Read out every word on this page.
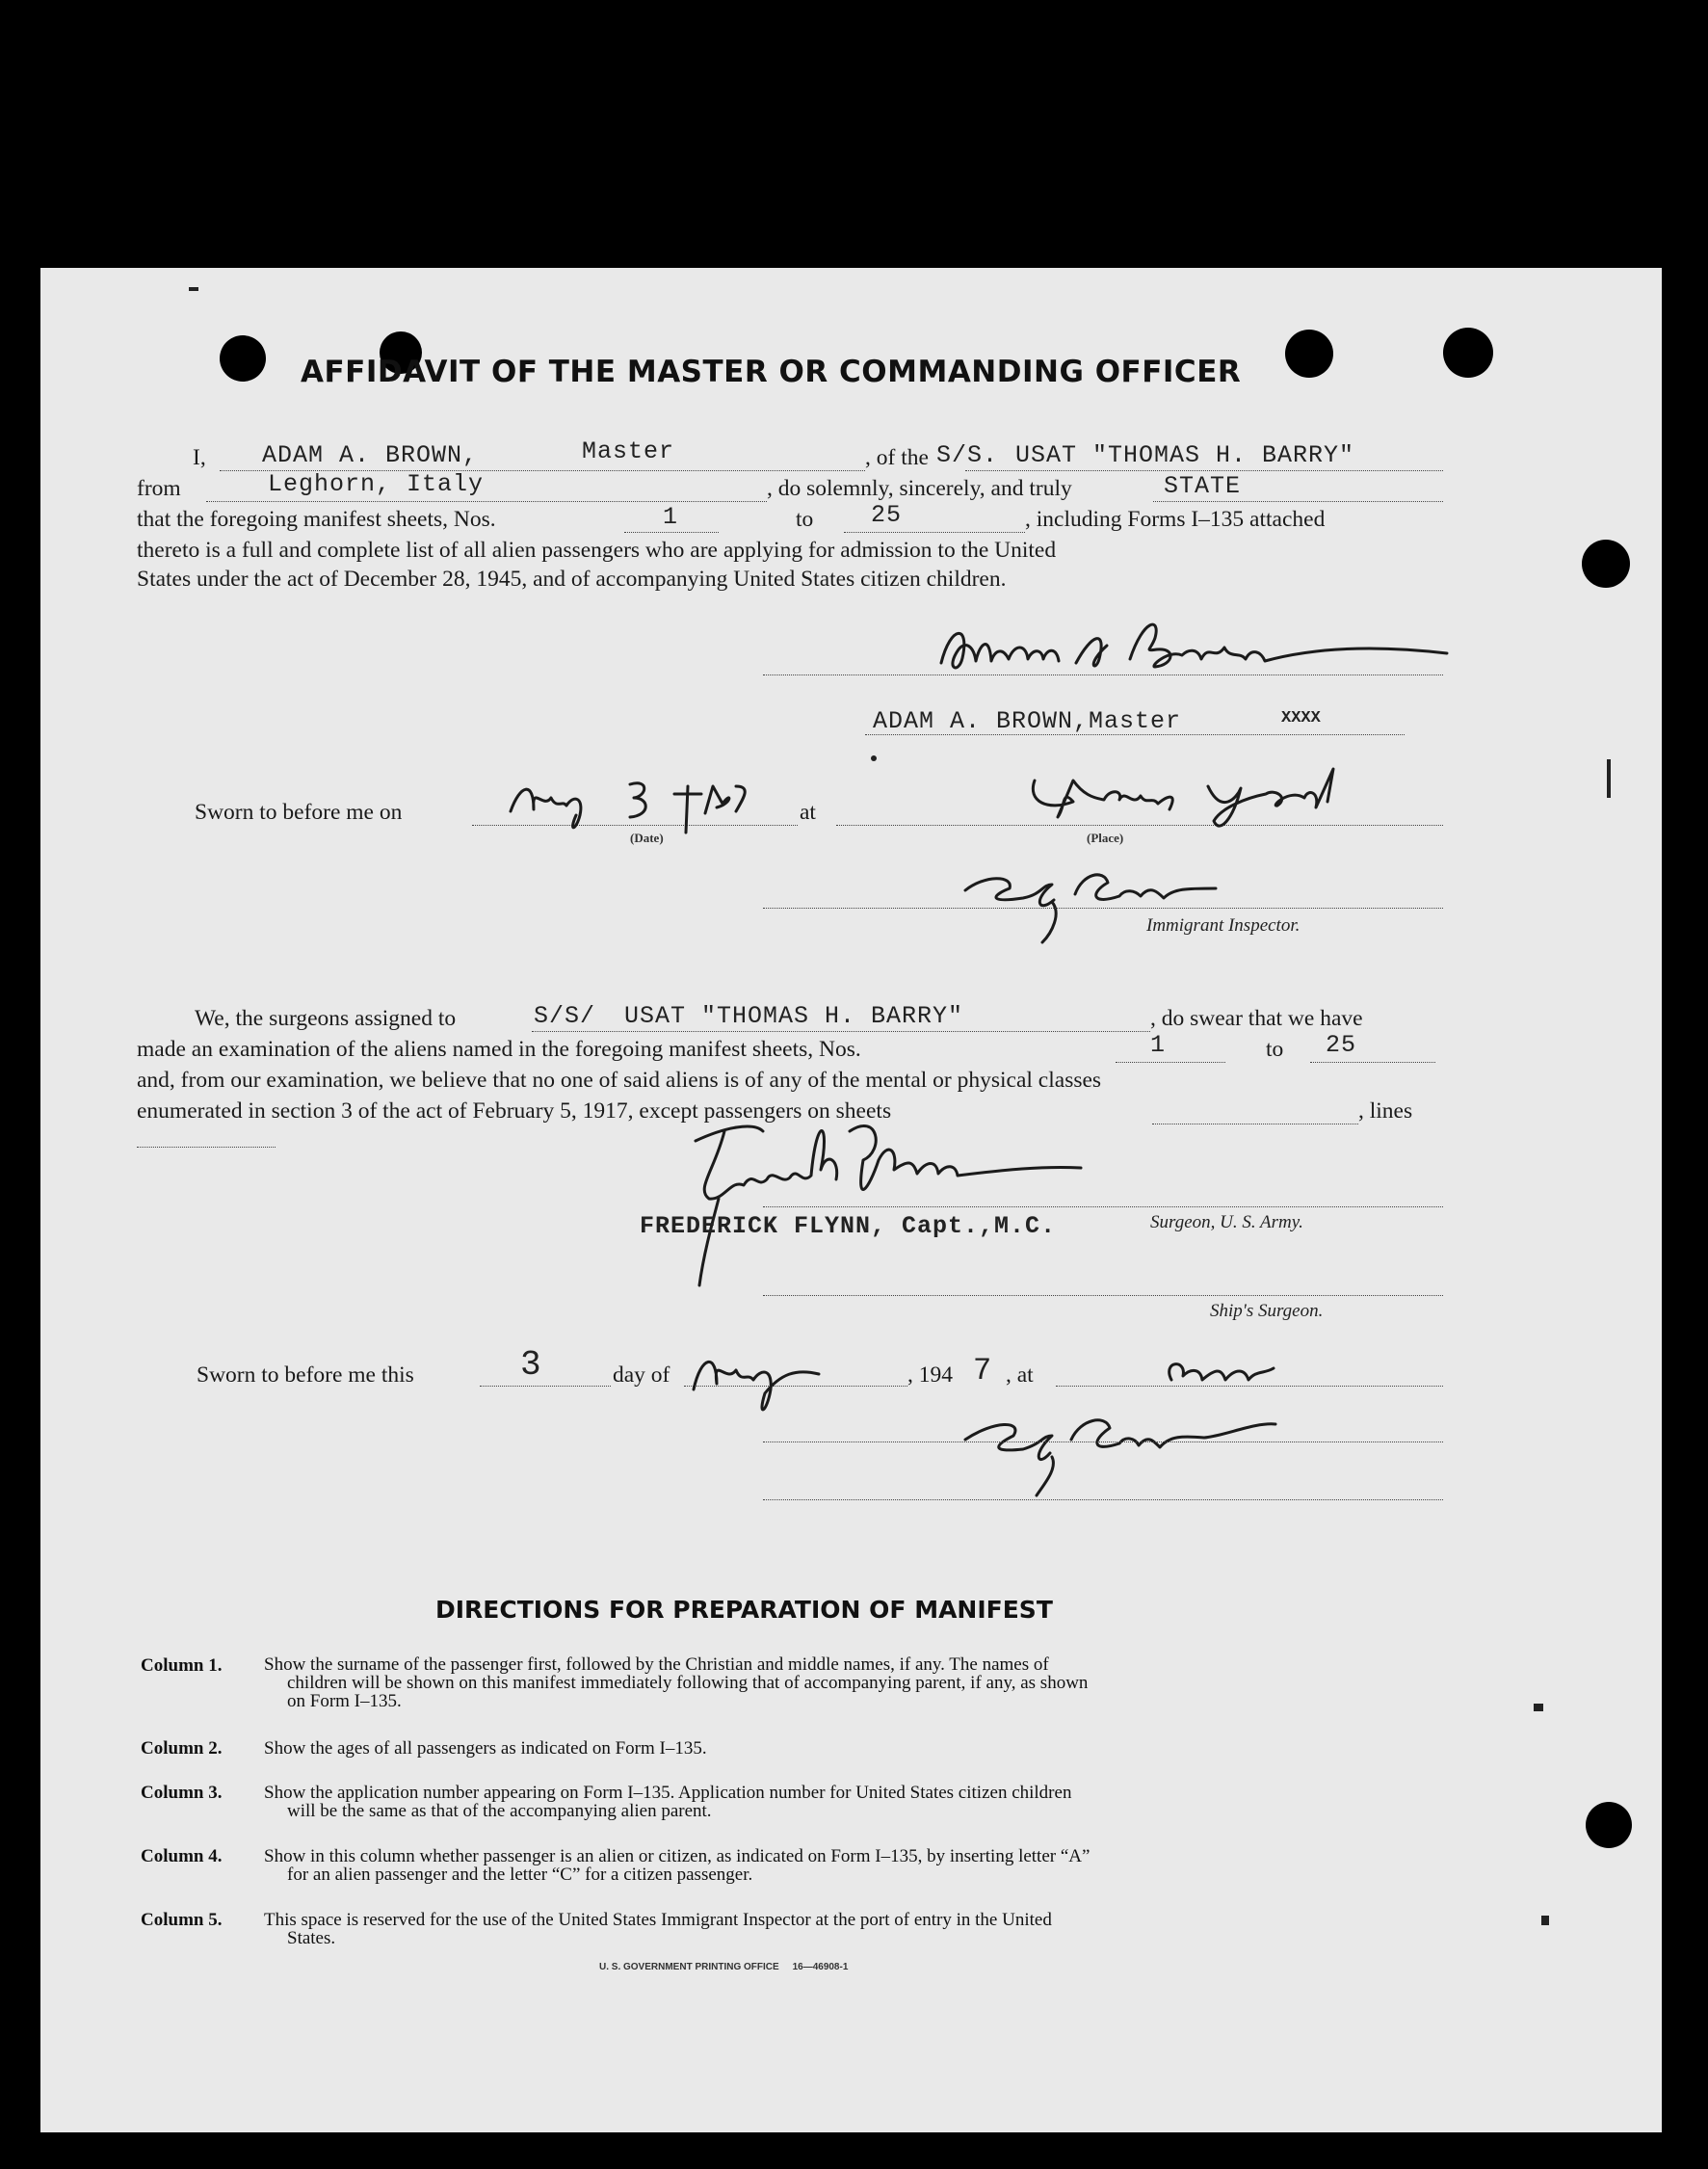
AFFIDAVIT OF THE MASTER OR COMMANDING OFFICER
I, ADAM A. BROWN,	Master	, of the S/S. USAT "THOMAS H. BARRY"
from	Leghorn, Italy	, do solemnly, sincerely, and truly	STATE
that the foregoing manifest sheets, Nos.	1	to 25	, including Forms I–135 attached
thereto is a full and complete list of all alien passengers who are applying for admission to the United
States under the act of December 28, 1945, and of accompanying United States citizen children.
ADAM A. BROWN,Master	XXXX
Sworn to before me on	at
(Date)	(Place)
Immigrant Inspector.
We, the surgeons assigned to	S/S/ USAT "THOMAS H. BARRY"	, do swear that we have
made an examination of the aliens named in the foregoing manifest sheets, Nos.	1	to 25
and, from our examination, we believe that no one of said aliens is of any of the mental or physical classes
enumerated in section 3 of the act of February 5, 1917, except passengers on sheets	, lines
FREDERICK FLYNN, Capt.,M.C.	Surgeon, U. S. Army.
Ship's Surgeon.
Sworn to before me this	3	day of	, 194 7 , at
DIRECTIONS FOR PREPARATION OF MANIFEST
Column 1. Show the surname of the passenger first, followed by the Christian and middle names, if any. The names of
children will be shown on this manifest immediately following that of accompanying parent, if any, as shown
on Form I–135.
Column 2. Show the ages of all passengers as indicated on Form I–135.
Column 3. Show the application number appearing on Form I–135. Application number for United States citizen children
will be the same as that of the accompanying alien parent.
Column 4. Show in this column whether passenger is an alien or citizen, as indicated on Form I–135, by inserting letter “A”
for an alien passenger and the letter “C” for a citizen passenger.
Column 5. This space is reserved for the use of the United States Immigrant Inspector at the port of entry in the United
States.
U. S. GOVERNMENT PRINTING OFFICE     16—46908-1
